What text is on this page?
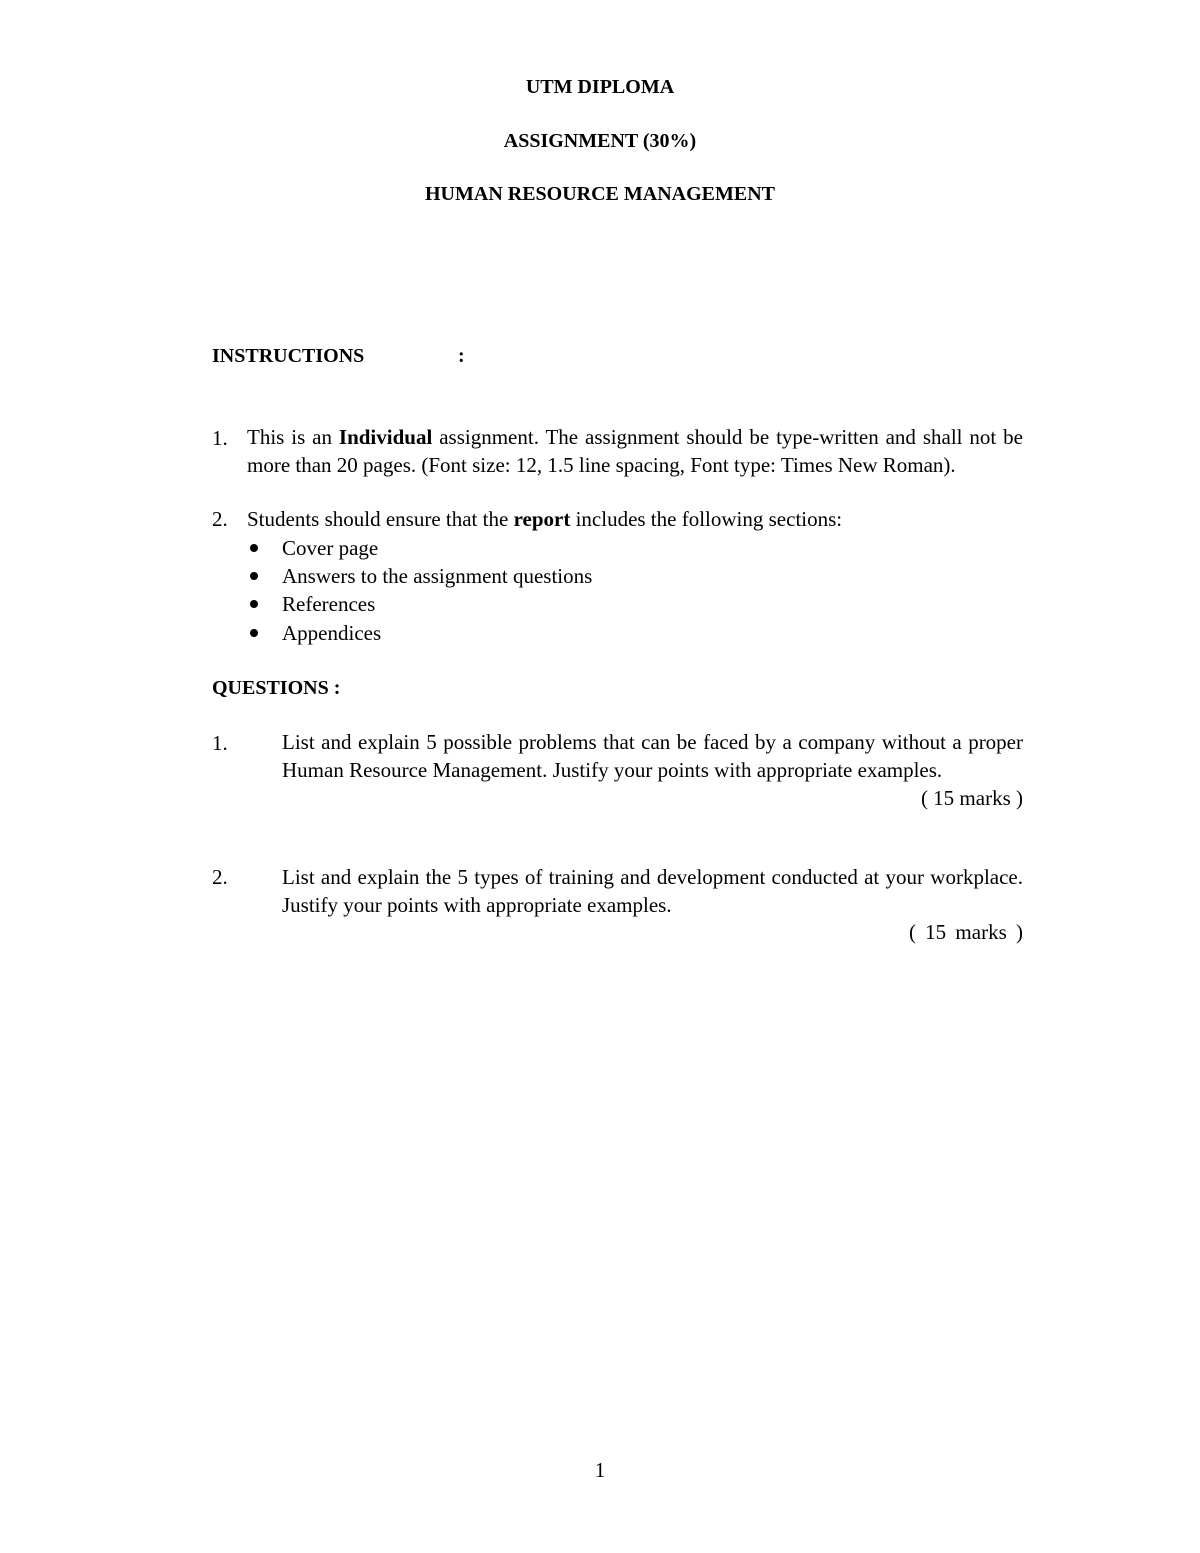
UTM DIPLOMA
ASSIGNMENT (30%)
HUMAN RESOURCE MANAGEMENT
INSTRUCTIONS	:
1. This is an Individual assignment. The assignment should be type-written and shall not be more than 20 pages. (Font size: 12, 1.5 line spacing, Font type: Times New Roman).
2. Students should ensure that the report includes the following sections:
Cover page
Answers to the assignment questions
References
Appendices
QUESTIONS :
1.	List and explain 5 possible problems that can be faced by a company without a proper Human Resource Management. Justify your points with appropriate examples.
( 15 marks )
2.	List and explain the 5 types of training and development conducted at your workplace. Justify your points with appropriate examples.
( 15 marks )
1
